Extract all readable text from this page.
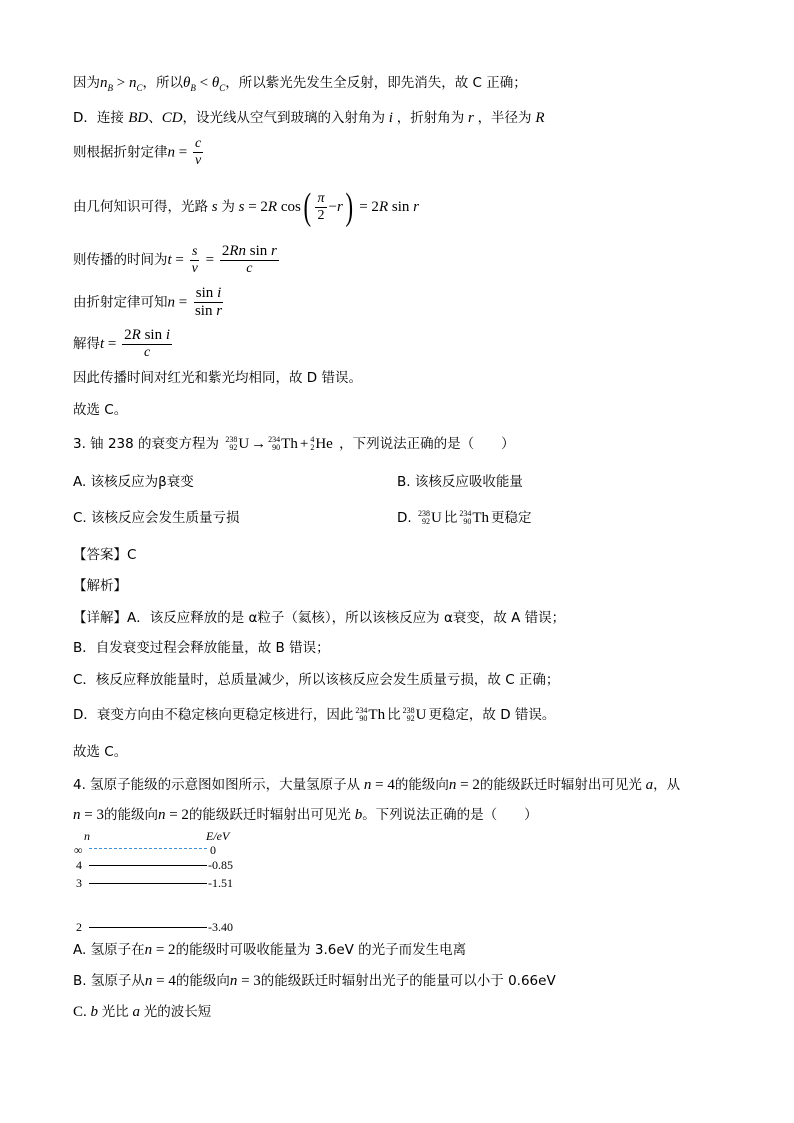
因为$n_B > n_C$，所以$\theta_B < \theta_C$，所以紫光先发生全反射，即先消失，故 C 正确；
D．连接 BD、CD，设光线从空气到玻璃的入射角为 i ，折射角为 r ，半径为 R
则根据折射定律$n = \frac{c}{v}$
由几何知识可得，光路 s 为 s = 2R $\cos( \frac{\pi}{2} -r) = 2R$ sin r
则传播的时间为$t = \frac{s}{v} = \frac{\text{2Rn sin r}}{c}$
由折射定律可知$n = \frac{\text{sin i}}{\text{sin r}}$
解得$t = \frac{\text{2R sin i}}{c}$
因此传播时间对红光和紫光均相同，故 D 错误。
故选 C。
3. 铀 238 的衰变方程为 238
92 U → 234
90 Th + 4
2 He ，下列说法正确的是（　　）
A. 该核反应为β衰变	B. 该核反应吸收能量
C. 该核反应会发生质量亏损	D. 238
92 U 比 234
90 Th 更稳定
【答案】C
【解析】
【详解】A．该反应释放的是 α粒子（氦核），所以该核反应为 α衰变，故 A 错误；
B．自发衰变过程会释放能量，故 B 错误；
C．核反应释放能量时，总质量减少，所以该核反应会发生质量亏损，故 C 正确；
D．衰变方向由不稳定核向更稳定核进行，因此 234
90 Th 比 238
92 U 更稳定，故 D 错误。
故选 C。
4. 氢原子能级的示意图如图所示，大量氢原子从 n = 4的能级向n = 2的能级跃迁时辐射出可见光 a，从
n = 3的能级向n = 2的能级跃迁时辐射出可见光 b。下列说法正确的是（　　）
n	E/eV
∞	0
4	-0.85
3	-1.51
2	-3.40
A. 氢原子在n = 2的能级时可吸收能量为 3.6eV 的光子而发生电离
B. 氢原子从n = 4的能级向n = 3的能级跃迁时辐射出光子的能量可以小于 0.66eV
C. b 光比 a 光的波长短
